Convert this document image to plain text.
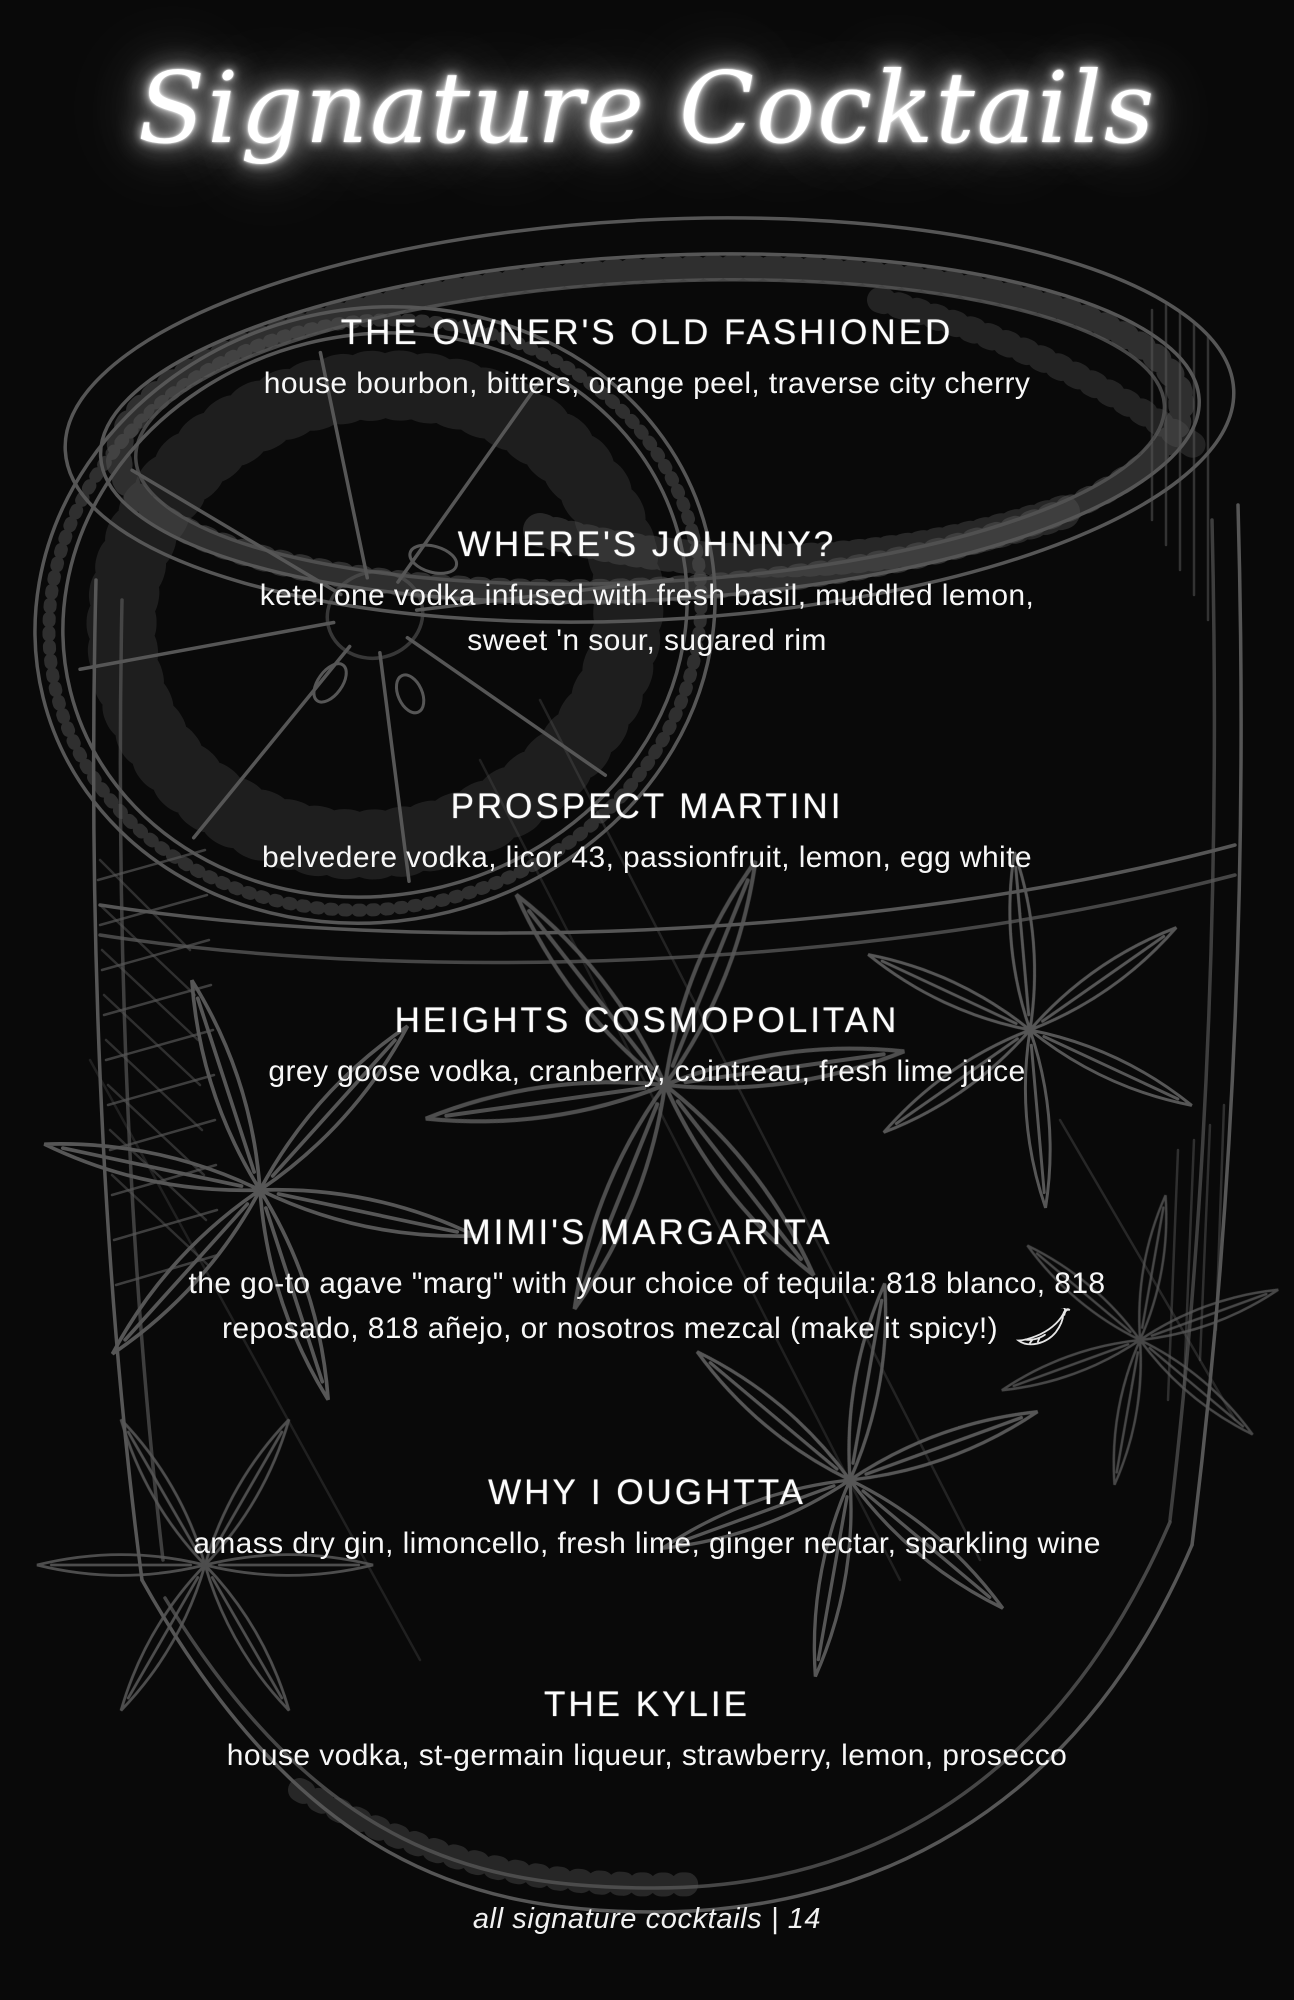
Signature Cocktails
THE OWNER'S OLD FASHIONED
house bourbon, bitters, orange peel, traverse city cherry
WHERE'S JOHNNY?
ketel one vodka infused with fresh basil, muddled lemon,
sweet 'n sour, sugared rim
PROSPECT MARTINI
belvedere vodka, licor 43, passionfruit, lemon, egg white
HEIGHTS COSMOPOLITAN
grey goose vodka, cranberry, cointreau, fresh lime juice
MIMI'S MARGARITA
the go-to agave "marg" with your choice of tequila: 818 blanco, 818
reposado, 818 añejo, or nosotros mezcal (make it spicy!)
WHY I OUGHTTA
amass dry gin, limoncello, fresh lime, ginger nectar, sparkling wine
THE KYLIE
house vodka, st-germain liqueur, strawberry, lemon, prosecco
all signature cocktails | 14
